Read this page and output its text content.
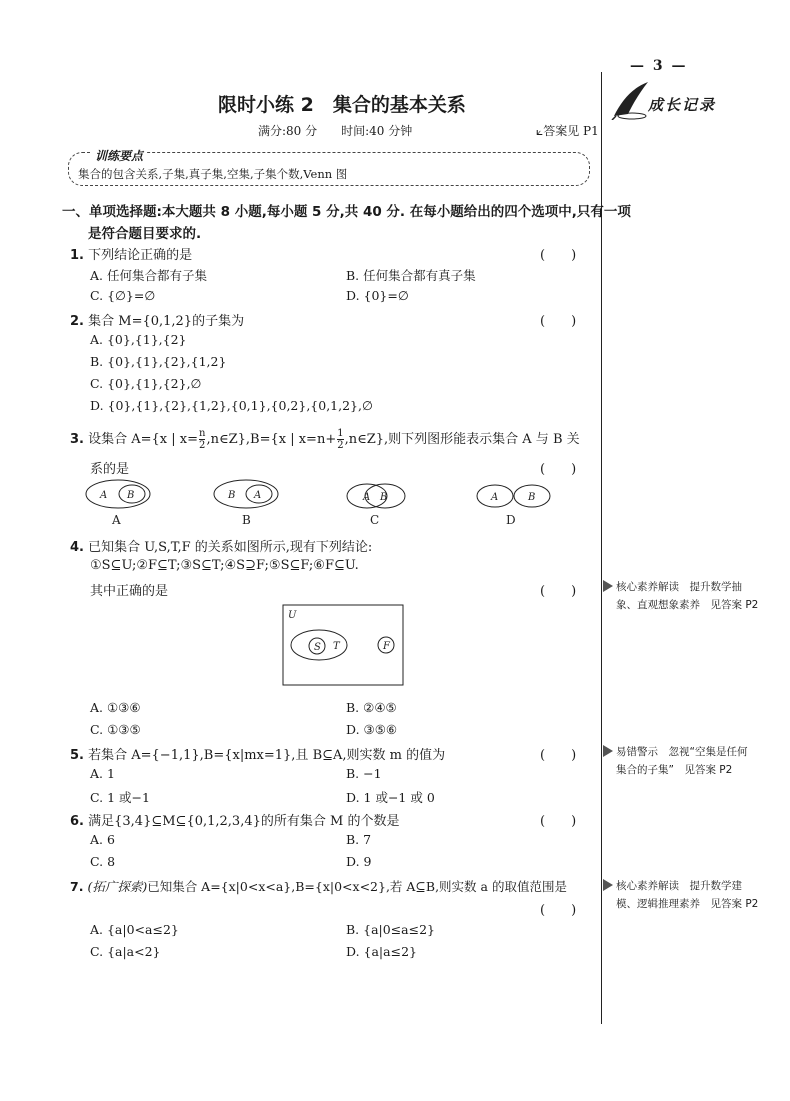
— 3 —
成长记录
限时小练 2　集合的基本关系
满分:80 分　　时间:40 分钟	⟀答案见 P1
训练要点
集合的包含关系,子集,真子集,空集,子集个数,Venn 图
一、单项选择题:本大题共 8 小题,每小题 5 分,共 40 分. 在每小题给出的四个选项中,只有一项
是符合题目要求的.
1. 下列结论正确的是	(　　)
A. 任何集合都有子集	B. 任何集合都有真子集
C. {∅}=∅	D. {0}=∅
2. 集合 M={0,1,2}的子集为	(　　)
A. {0},{1},{2}
B. {0},{1},{2},{1,2}
C. {0},{1},{2},∅
D. {0},{1},{2},{1,2},{0,1},{0,2},{0,1,2},∅
3. 设集合 A={x | $x= \frac{n}{2}$ ,n∈Z},B={x | $x=n+ \frac{1}{2}$ ,n∈Z},则下列图形能表示集合 A 与 B 关
系的是	(　　)
A B	B A	A B	A	B
A	B	C	D
4. 已知集合 U,S,T,F 的关系如图所示,现有下列结论:
①S⊆U;②F⊆T;③S⊆T;④S⊇F;⑤S⊆F;⑥F⊆U.
其中正确的是	(　　)
U
S T	F
A. ①③⑥	B. ②④⑤
C. ①③⑤	D. ③⑤⑥
5. 若集合 A={−1,1},B={x|mx=1},且 B⊆A,则实数 m 的值为	(　　)
A. 1	B. −1
C. 1 或−1	D. 1 或−1 或 0
6. 满足{3,4}⊆M⊆{0,1,2,3,4}的所有集合 M 的个数是	(　　)
A. 6	B. 7
C. 8	D. 9
7. (拓广探索)已知集合 A={x|0<x<a},B={x|0<x<2},若 A⊆B,则实数 a 的取值范围是
(　　)
A. {a|0<a≤2}	B. {a|0≤a≤2}
C. {a|a<2}	D. {a|a≤2}
核心素养解读　提升数学抽
象、直观想象素养　见答案 P2
易错警示　忽视“空集是任何
集合的子集”　见答案 P2
核心素养解读　提升数学建
模、逻辑推理素养　见答案 P2
